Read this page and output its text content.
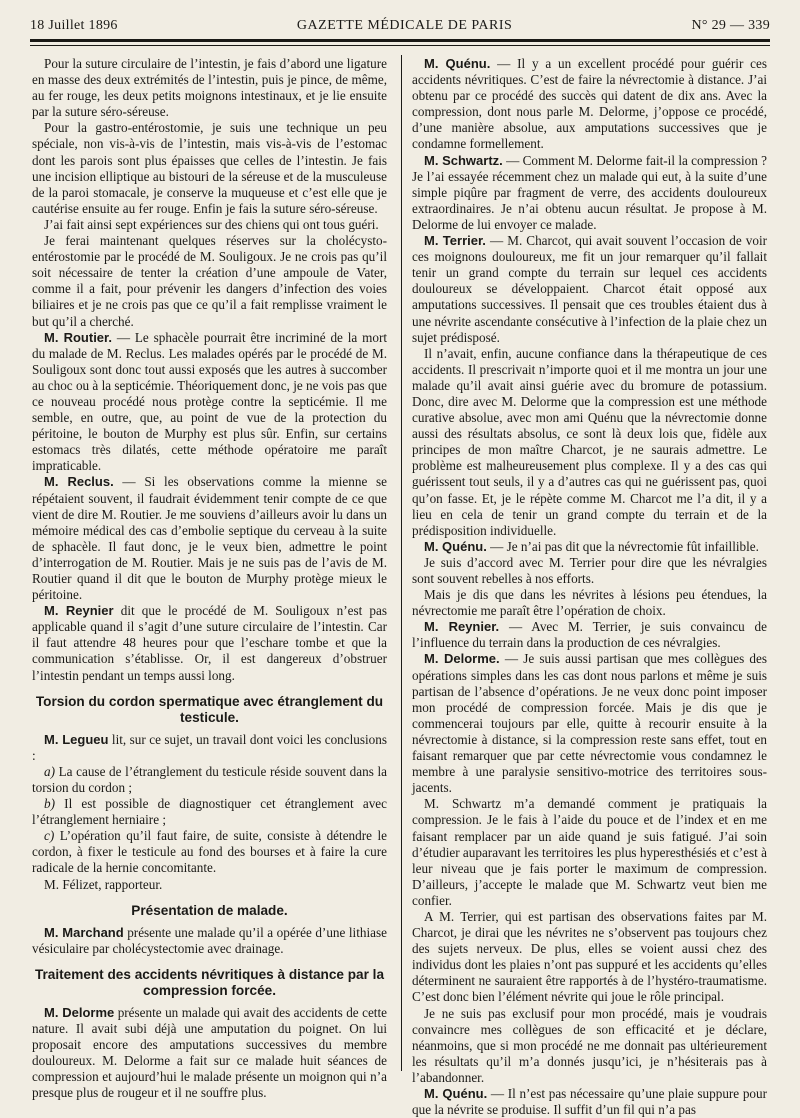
18 Juillet 1896	GAZETTE MÉDICALE DE PARIS	N° 29 — 339

Pour la suture circulaire de l’intestin, je fais d’abord une ligature en masse des deux extrémités de l’intestin, puis je pince, de même, au fer rouge, les deux petits moignons intestinaux, et je lie ensuite par la suture séro-séreuse.

Pour la gastro-entérostomie, je suis une technique un peu spéciale, non vis-à-vis de l’intestin, mais vis-à-vis de l’estomac dont les parois sont plus épaisses que celles de l’intestin. Je fais une incision elliptique au bistouri de la séreuse et de la musculeuse de la paroi stomacale, je conserve la muqueuse et c’est elle que je cautérise ensuite au fer rouge. Enfin je fais la suture séro-séreuse.

J’ai fait ainsi sept expériences sur des chiens qui ont tous guéri.

Je ferai maintenant quelques réserves sur la cholécysto-entérostomie par le procédé de M. Souligoux. Je ne crois pas qu’il soit nécessaire de tenter la création d’une ampoule de Vater, comme il a fait, pour prévenir les dangers d’infection des voies biliaires et je ne crois pas que ce qu’il a fait remplisse vraiment le but qu’il a cherché.

M. Routier. — Le sphacèle pourrait être incriminé de la mort du malade de M. Reclus. Les malades opérés par le procédé de M. Souligoux sont donc tout aussi exposés que les autres à succomber au choc ou à la septicémie. Théoriquement donc, je ne vois pas que ce nouveau procédé nous protège contre la septicémie. Il me semble, en outre, que, au point de vue de la protection du péritoine, le bouton de Murphy est plus sûr. Enfin, sur certains estomacs très dilatés, cette méthode opératoire me paraît impraticable.

M. Reclus. — Si les observations comme la mienne se répétaient souvent, il faudrait évidemment tenir compte de ce que vient de dire M. Routier. Je me souviens d’ailleurs avoir lu dans un mémoire médical des cas d’embolie septique du cerveau à la suite de sphacèle. Il faut donc, je le veux bien, admettre le point d’interrogation de M. Routier. Mais je ne suis pas de l’avis de M. Routier quand il dit que le bouton de Murphy protège mieux le péritoine.

M. Reynier dit que le procédé de M. Souligoux n’est pas applicable quand il s’agit d’une suture circulaire de l’intestin. Car il faut attendre 48 heures pour que l’eschare tombe et que la communication s’établisse. Or, il est dangereux d’obstruer l’intestin pendant un temps aussi long.

Torsion du cordon spermatique avec étranglement du testicule.

M. Legueu lit, sur ce sujet, un travail dont voici les conclusions :

a) La cause de l’étranglement du testicule réside souvent dans la torsion du cordon ;

b) Il est possible de diagnostiquer cet étranglement avec l’étranglement herniaire ;

c) L’opération qu’il faut faire, de suite, consiste à détendre le cordon, à fixer le testicule au fond des bourses et à faire la cure radicale de la hernie concomitante.

M. Félizet, rapporteur.

Présentation de malade.

M. Marchand présente une malade qu’il a opérée d’une lithiase vésiculaire par cholécystectomie avec drainage.

Traitement des accidents névritiques à distance par la compression forcée.

M. Delorme présente un malade qui avait des accidents de cette nature. Il avait subi déjà une amputation du poignet. On lui proposait encore des amputations successives du membre douloureux. M. Delorme a fait sur ce malade huit séances de compression et aujourd’hui le malade présente un moignon qui n’a presque plus de rougeur et il ne souffre plus.

M. Quénu. — Il y a un excellent procédé pour guérir ces accidents névritiques. C’est de faire la névrectomie à distance. J’ai obtenu par ce procédé des succès qui datent de dix ans. Avec la compression, dont nous parle M. Delorme, j’oppose ce procédé, d’une manière absolue, aux amputations successives que je condamne formellement.

M. Schwartz. — Comment M. Delorme fait-il la compression ? Je l’ai essayée récemment chez un malade qui eut, à la suite d’une simple piqûre par fragment de verre, des accidents douloureux extraordinaires. Je n’ai obtenu aucun résultat. Je propose à M. Delorme de lui envoyer ce malade.

M. Terrier. — M. Charcot, qui avait souvent l’occasion de voir ces moignons douloureux, me fit un jour remarquer qu’il fallait tenir un grand compte du terrain sur lequel ces accidents douloureux se développaient. Charcot était opposé aux amputations successives. Il pensait que ces troubles étaient dus à une névrite ascendante consécutive à l’infection de la plaie chez un sujet prédisposé.

Il n’avait, enfin, aucune confiance dans la thérapeutique de ces accidents. Il prescrivait n’importe quoi et il me montra un jour une malade qu’il avait ainsi guérie avec du bromure de potassium. Donc, dire avec M. Delorme que la compression est une méthode curative absolue, avec mon ami Quénu que la névrectomie donne aussi des résultats absolus, ce sont là deux lois que, fidèle aux principes de mon maître Charcot, je ne saurais admettre. Le problème est malheureusement plus complexe. Il y a des cas qui guérissent tout seuls, il y a d’autres cas qui ne guérissent pas, quoi qu’on fasse. Et, je le répète comme M. Charcot me l’a dit, il y a lieu en cela de tenir un grand compte du terrain et de la prédisposition individuelle.

M. Quénu. — Je n’ai pas dit que la névrectomie fût infaillible.

Je suis d’accord avec M. Terrier pour dire que les névralgies sont souvent rebelles à nos efforts.

Mais je dis que dans les névrites à lésions peu étendues, la névrectomie me paraît être l’opération de choix.

M. Reynier. — Avec M. Terrier, je suis convaincu de l’influence du terrain dans la production de ces névralgies.

M. Delorme. — Je suis aussi partisan que mes collègues des opérations simples dans les cas dont nous parlons et même je suis partisan de l’absence d’opérations. Je ne veux donc point imposer mon procédé de compression forcée. Mais je dis que je commencerai toujours par elle, quitte à recourir ensuite à la névrectomie à distance, si la compression reste sans effet, tout en faisant remarquer que par cette névrectomie vous condamnez le membre à une paralysie sensitivo-motrice des territoires sous-jacents.

M. Schwartz m’a demandé comment je pratiquais la compression. Je le fais à l’aide du pouce et de l’index et en me faisant remplacer par un aide quand je suis fatigué. J’ai soin d’étudier auparavant les territoires les plus hyperesthésiés et c’est à leur niveau que je fais porter le maximum de compression. D’ailleurs, j’accepte le malade que M. Schwartz veut bien me confier.

A M. Terrier, qui est partisan des observations faites par M. Charcot, je dirai que les névrites ne s’observent pas toujours chez des sujets nerveux. De plus, elles se voient aussi chez des individus dont les plaies n’ont pas suppuré et les accidents qu’elles déterminent ne sauraient être rapportés à de l’hystéro-traumatisme. C’est donc bien l’élément névrite qui joue le rôle principal.

Je ne suis pas exclusif pour mon procédé, mais je voudrais convaincre mes collègues de son efficacité et je déclare, néanmoins, que si mon procédé ne me donnait pas ultérieurement les résultats qu’il m’a donnés jusqu’ici, je n’hésiterais pas à l’abandonner.

M. Quénu. — Il n’est pas nécessaire qu’une plaie suppure pour que la névrite se produise. Il suffit d’un fil qui n’a pas
